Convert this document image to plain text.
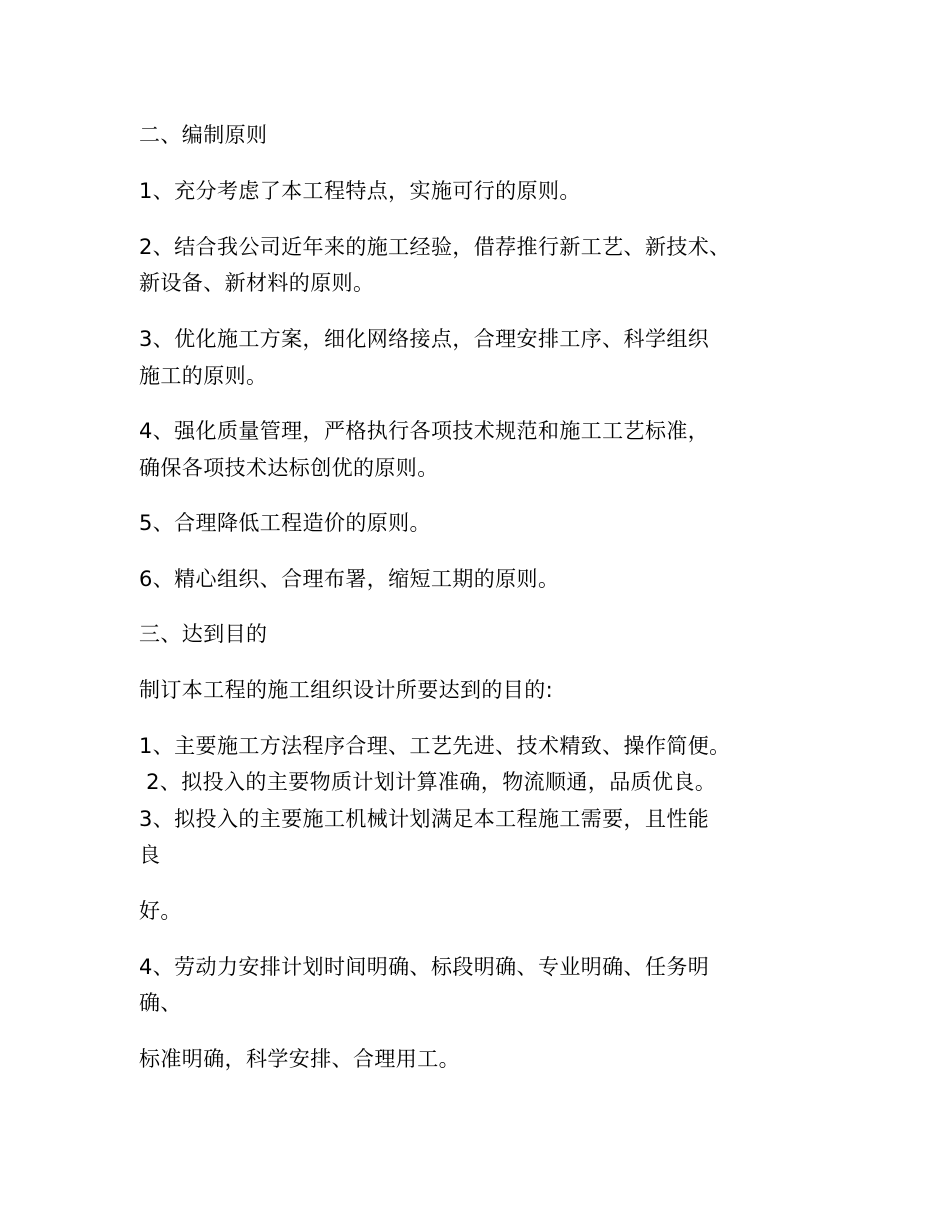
二、编制原则
1、充分考虑了本工程特点，实施可行的原则。
2、结合我公司近年来的施工经验，借荐推行新工艺、新技术、
新设备、新材料的原则。
3、优化施工方案，细化网络接点，合理安排工序、科学组织
施工的原则。
4、强化质量管理，严格执行各项技术规范和施工工艺标准，
确保各项技术达标创优的原则。
5、合理降低工程造价的原则。
6、精心组织、合理布署，缩短工期的原则。
三、达到目的
制订本工程的施工组织设计所要达到的目的:
1、主要施工方法程序合理、工艺先进、技术精致、操作简便。
2、拟投入的主要物质计划计算准确，物流顺通，品质优良。
3、拟投入的主要施工机械计划满足本工程施工需要，且性能
良
好。
4、劳动力安排计划时间明确、标段明确、专业明确、任务明
确、
标准明确，科学安排、合理用工。
